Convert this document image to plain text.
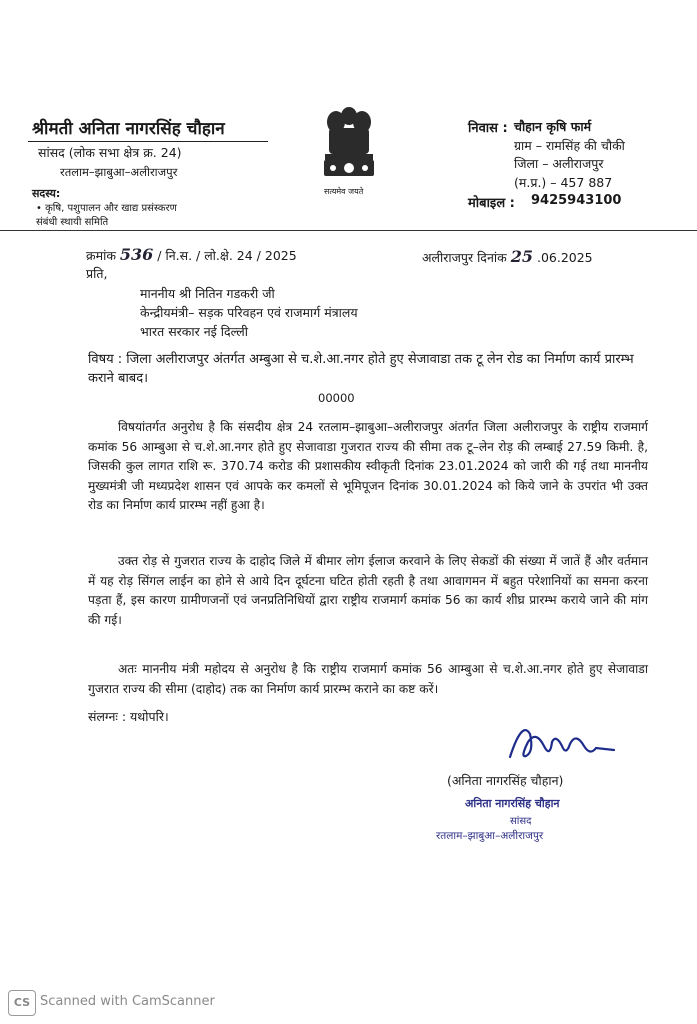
श्रीमती अनिता नागरसिंह चौहान
सांसद (लोक सभा क्षेत्र क्र. 24)
रतलाम–झाबुआ–अलीराजपुर
सदस्य:
• कृषि, पशुपालन और खाद्य प्रसंस्करण
संबंधी स्थायी समिति
सत्यमेव जयते
निवास : चौहान कृषि फार्म
ग्राम – रामसिंह की चौकी
जिला – अलीराजपुर
(म.प्र.) – 457 887
मोबाइल : 9425943100
क्रमांक 536 / नि.स. / लो.क्षे. 24 / 2025	अलीराजपुर दिनांक 25 .06.2025
प्रति,
माननीय श्री नितिन गडकरी जी
केन्द्रीयमंत्री– सड़क परिवहन एवं राजमार्ग मंत्रालय
भारत सरकार नई दिल्ली
विषय : जिला अलीराजपुर अंतर्गत अम्बुआ से च.शे.आ.नगर होते हुए सेजावाडा तक टू लेन रोड का निर्माण कार्य प्रारम्भ कराने बाबद।
00000
विषयांतर्गत अनुरोध है कि संसदीय क्षेत्र 24 रतलाम–झाबुआ–अलीराजपुर अंतर्गत जिला अलीराजपुर के राष्ट्रीय राजमार्ग कमांक 56 आम्बुआ से च.शे.आ.नगर होते हुए सेजावाडा गुजरात राज्य की सीमा तक टू–लेन रोड़ की लम्बाई 27.59 किमी. है, जिसकी कुल लागत राशि रू. 370.74 करोड की प्रशासकीय स्वीकृती दिनांक 23.01.2024 को जारी की गई तथा माननीय मुख्यमंत्री जी मध्यप्रदेश शासन एवं आपके कर कमलों से भूमिपूजन दिनांक 30.01.2024 को किये जाने के उपरांत भी उक्त रोड का निर्माण कार्य प्रारम्भ नहीं हुआ है।
उक्त रोड़ से गुजरात राज्य के दाहोद जिले में बीमार लोग ईलाज करवाने के लिए सेकडों की संख्या में जातें हैं और वर्तमान में यह रोड़ सिंगल लाईन का होने से आये दिन दूर्घटना घटित होती रहती है तथा आवागमन में बहुत परेशानियों का समना करना पड़ता हैं, इस कारण ग्रामीणजनों एवं जनप्रतिनिधियों द्वारा राष्ट्रीय राजमार्ग कमांक 56 का कार्य शीघ्र प्रारम्भ कराये जाने की मांग की गई।
अतः माननीय मंत्री महोदय से अनुरोध है कि राष्ट्रीय राजमार्ग कमांक 56 आम्बुआ से च.शे.आ.नगर होते हुए सेजावाडा गुजरात राज्य की सीमा (दाहोद) तक का निर्माण कार्य प्रारम्भ कराने का कष्ट करें।
संलग्नः : यथोपरि।
(अनिता नागरसिंह चौहान)
अनिता नागरसिंह चौहान
सांसद
रतलाम–झाबुआ–अलीराजपुर
CS Scanned with CamScanner
